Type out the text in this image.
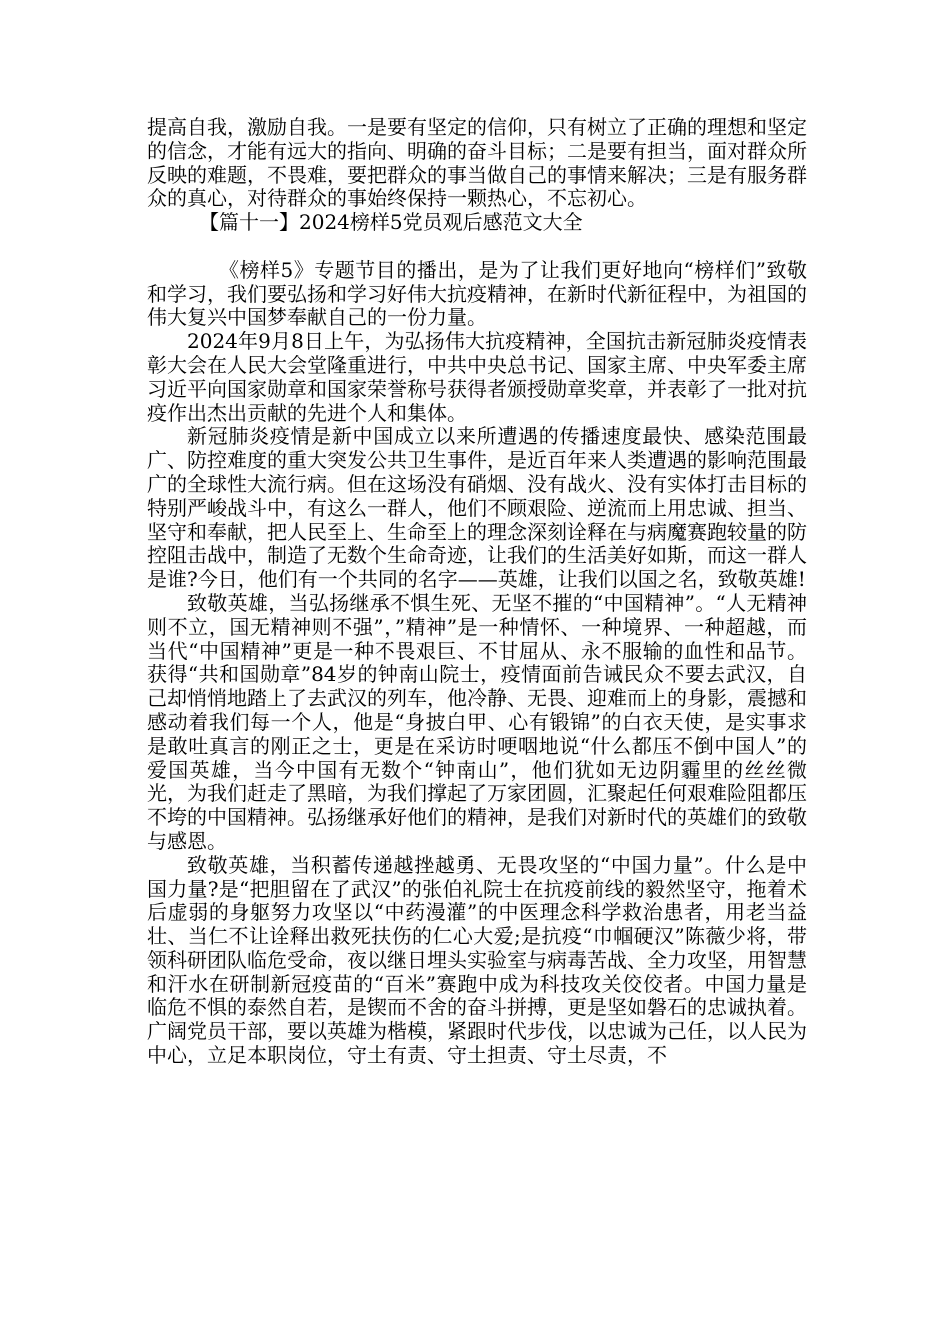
提高自我，激励自我。一是要有坚定的信仰，只有树立了正确的理想和坚定的信念，才能有远大的指向、明确的奋斗目标；二是要有担当，面对群众所反映的难题，不畏难，要把群众的事当做自己的事情来解决；三是有服务群众的真心，对待群众的事始终保持一颗热心，不忘初心。

【篇十一】2024榜样5党员观后感范文大全

《榜样5》专题节目的播出，是为了让我们更好地向“榜样们”致敬和学习，我们要弘扬和学习好伟大抗疫精神，在新时代新征程中，为祖国的伟大复兴中国梦奉献自己的一份力量。

2024年9月8日上午，为弘扬伟大抗疫精神，全国抗击新冠肺炎疫情表彰大会在人民大会堂隆重进行，中共中央总书记、国家主席、中央军委主席习近平向国家勋章和国家荣誉称号获得者颁授勋章奖章，并表彰了一批对抗疫作出杰出贡献的先进个人和集体。

新冠肺炎疫情是新中国成立以来所遭遇的传播速度最快、感染范围最广、防控难度的重大突发公共卫生事件，是近百年来人类遭遇的影响范围最广的全球性大流行病。但在这场没有硝烟、没有战火、没有实体打击目标的特别严峻战斗中，有这么一群人，他们不顾艰险、逆流而上用忠诚、担当、坚守和奉献，把人民至上、生命至上的理念深刻诠释在与病魔赛跑较量的防控阻击战中，制造了无数个生命奇迹，让我们的生活美好如斯，而这一群人是谁?今日，他们有一个共同的名字——英雄，让我们以国之名，致敬英雄!

致敬英雄，当弘扬继承不惧生死、无坚不摧的“中国精神”。“人无精神则不立，国无精神则不强”，”精神”是一种情怀、一种境界、一种超越，而当代“中国精神”更是一种不畏艰巨、不甘屈从、永不服输的血性和品节。获得“共和国勋章”84岁的钟南山院士，疫情面前告诫民众不要去武汉，自己却悄悄地踏上了去武汉的列车，他冷静、无畏、迎难而上的身影，震撼和感动着我们每一个人，他是“身披白甲、心有锻锦”的白衣天使，是实事求是敢吐真言的刚正之士，更是在采访时哽咽地说“什么都压不倒中国人”的爱国英雄，当今中国有无数个“钟南山”，他们犹如无边阴霾里的丝丝微光，为我们赶走了黑暗，为我们撑起了万家团圆，汇聚起任何艰难险阻都压不垮的中国精神。弘扬继承好他们的精神，是我们对新时代的英雄们的致敬与感恩。

致敬英雄，当积蓄传递越挫越勇、无畏攻坚的“中国力量”。什么是中国力量?是“把胆留在了武汉”的张伯礼院士在抗疫前线的毅然坚守，拖着术后虚弱的身躯努力攻坚以“中药漫灌”的中医理念科学救治患者，用老当益壮、当仁不让诠释出救死扶伤的仁心大爱;是抗疫“巾帼硬汉”陈薇少将，带领科研团队临危受命，夜以继日埋头实验室与病毒苦战、全力攻坚，用智慧和汗水在研制新冠疫苗的“百米”赛跑中成为科技攻关佼佼者。中国力量是临危不惧的泰然自若，是锲而不舍的奋斗拼搏，更是坚如磐石的忠诚执着。广阔党员干部，要以英雄为楷模，紧跟时代步伐，以忠诚为己任，以人民为中心，立足本职岗位，守土有责、守土担责、守土尽责，不
